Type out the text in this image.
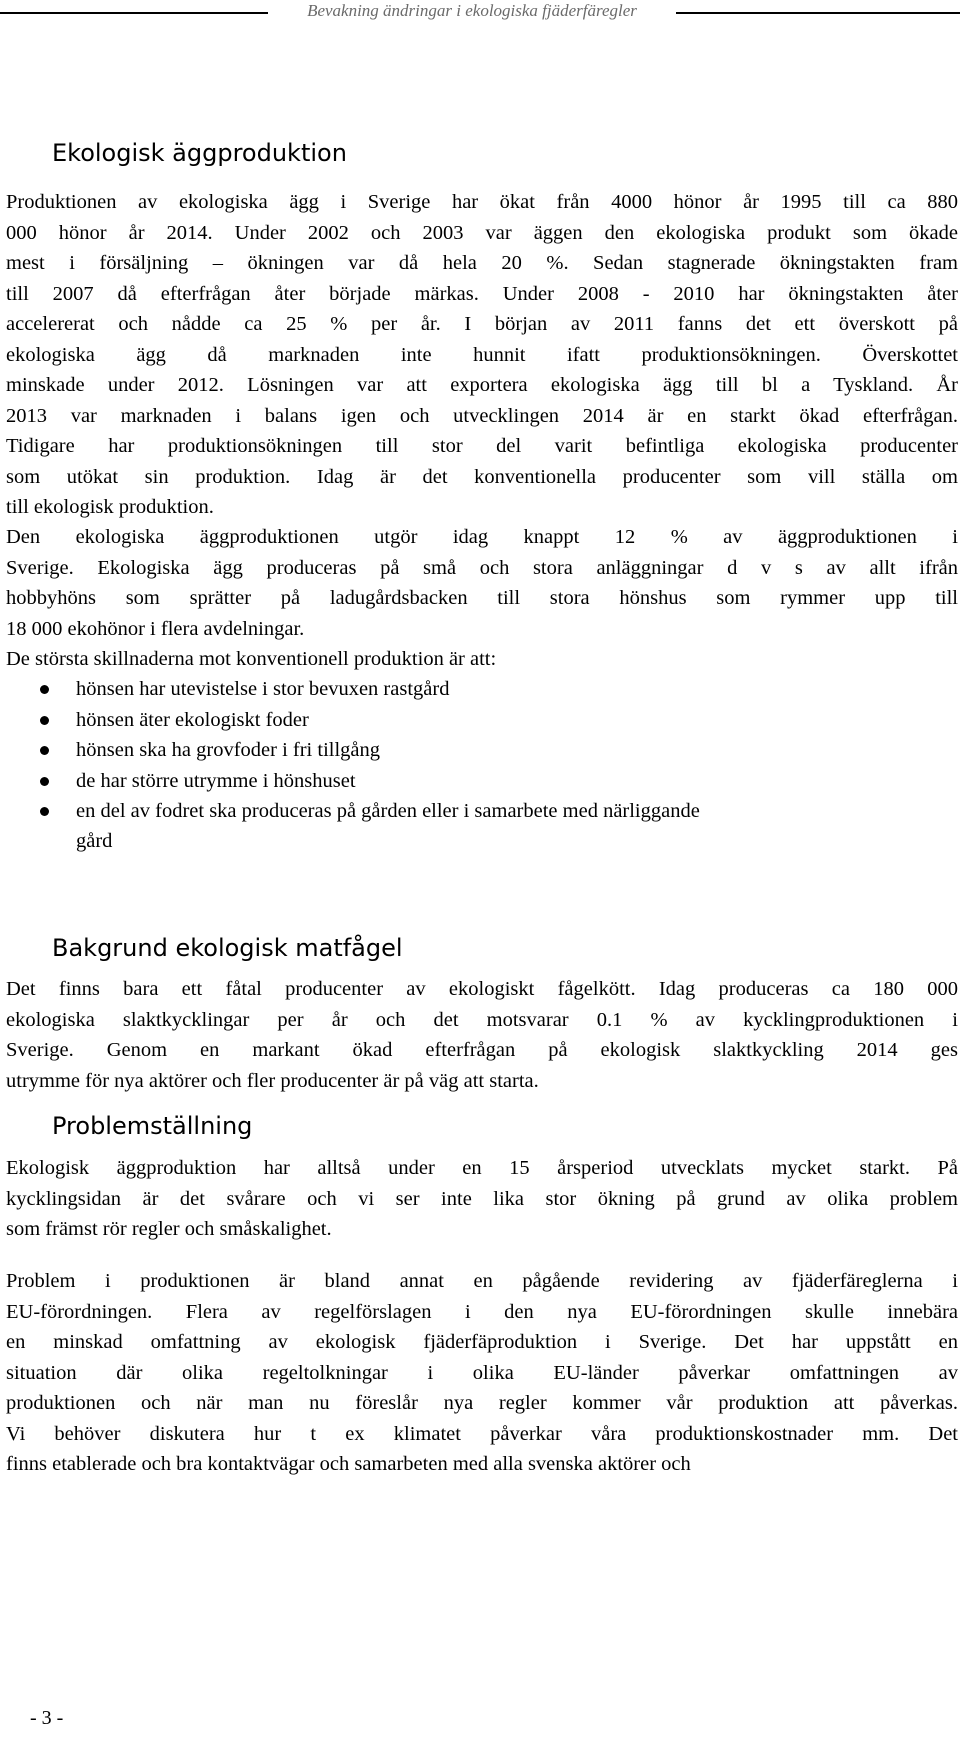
Bevakning ändringar i ekologiska fjäderfäregler
Ekologisk äggproduktion
Produktionen av ekologiska ägg i Sverige har ökat från 4000 hönor år 1995 till ca 880
000 hönor år 2014. Under 2002 och 2003 var äggen den ekologiska produkt som ökade
mest i försäljning – ökningen var då hela 20 %. Sedan stagnerade ökningstakten fram
till 2007 då efterfrågan åter började märkas. Under 2008 - 2010 har ökningstakten åter
accelererat och nådde ca 25 % per år. I början av 2011 fanns det ett överskott på
ekologiska ägg då marknaden inte hunnit ifatt produktionsökningen. Överskottet
minskade under 2012. Lösningen var att exportera ekologiska ägg till bl a Tyskland. År
2013 var marknaden i balans igen och utvecklingen 2014 är en starkt ökad efterfrågan.
Tidigare har produktionsökningen till stor del varit befintliga ekologiska producenter
som utökat sin produktion. Idag är det konventionella producenter som vill ställa om
till ekologisk produktion.
Den ekologiska äggproduktionen utgör idag knappt 12 % av äggproduktionen i
Sverige. Ekologiska ägg produceras på små och stora anläggningar d v s av allt ifrån
hobbyhöns som sprätter på ladugårdsbacken till stora hönshus som rymmer upp till
18 000 ekohönor i flera avdelningar.
De största skillnaderna mot konventionell produktion är att:
hönsen har utevistelse i stor bevuxen rastgård
hönsen äter ekologiskt foder
hönsen ska ha grovfoder i fri tillgång
de har större utrymme i hönshuset
en del av fodret ska produceras på gården eller i samarbete med närliggande
gård
Bakgrund ekologisk matfågel
Det finns bara ett fåtal producenter av ekologiskt fågelkött. Idag produceras ca 180 000
ekologiska slaktkycklingar per år och det motsvarar 0.1 % av kycklingproduktionen i
Sverige. Genom en markant ökad efterfrågan på ekologisk slaktkyckling 2014 ges
utrymme för nya aktörer och fler producenter är på väg att starta.
Problemställning
Ekologisk äggproduktion har alltså under en 15 årsperiod utvecklats mycket starkt. På
kycklingsidan är det svårare och vi ser inte lika stor ökning på grund av olika problem
som främst rör regler och småskalighet.
Problem i produktionen är bland annat en pågående revidering av fjäderfäreglerna i
EU-förordningen. Flera av regelförslagen i den nya EU-förordningen skulle innebära
en minskad omfattning av ekologisk fjäderfäproduktion i Sverige. Det har uppstått en
situation där olika regeltolkningar i olika EU-länder påverkar omfattningen av
produktionen och när man nu föreslår nya regler kommer vår produktion att påverkas.
Vi behöver diskutera hur t ex klimatet påverkar våra produktionskostnader mm. Det
finns etablerade och bra kontaktvägar och samarbeten med alla svenska aktörer och
- 3 -
